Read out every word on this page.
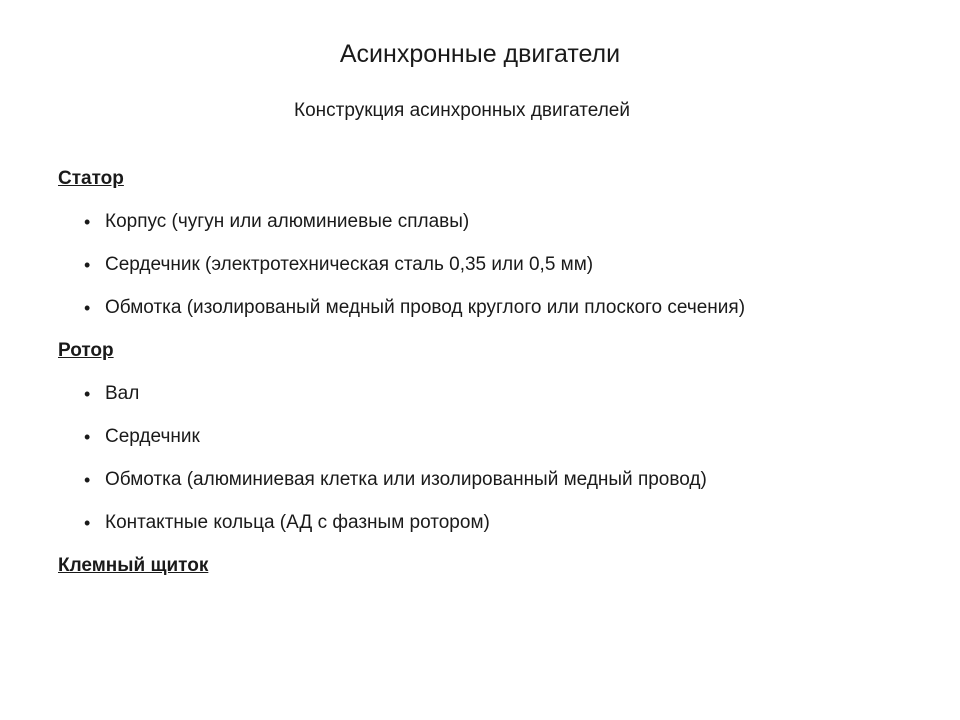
Асинхронные двигатели
Конструкция асинхронных двигателей
Статор
• Корпус (чугун или алюминиевые сплавы)
• Сердечник (электротехническая сталь 0,35 или 0,5 мм)
• Обмотка (изолированый медный провод круглого или плоского сечения)
Ротор
• Вал
• Сердечник
• Обмотка (алюминиевая клетка или изолированный медный провод)
• Контактные кольца (АД с фазным ротором)
Клемный щиток
